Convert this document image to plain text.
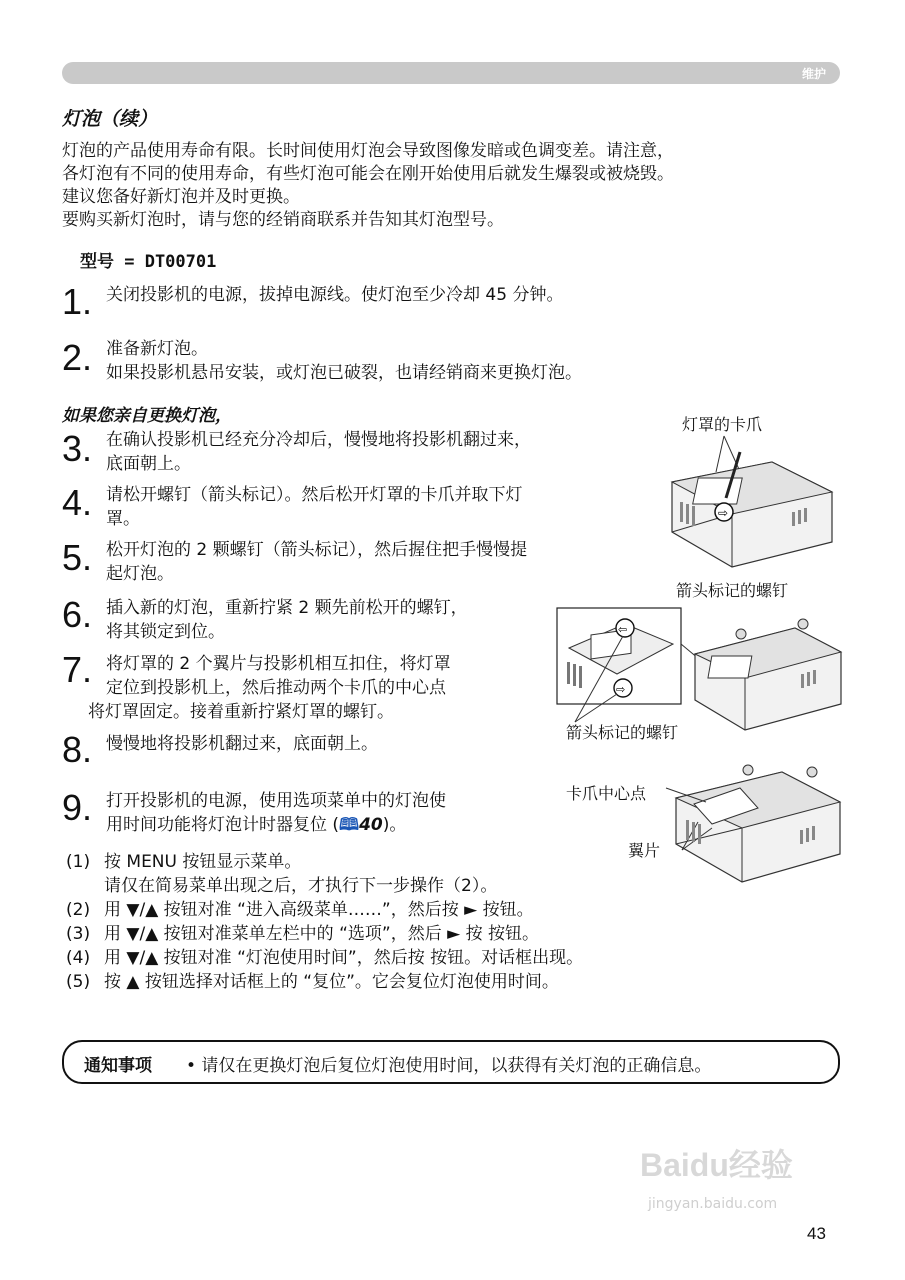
维护
灯泡（续）
灯泡的产品使用寿命有限。长时间使用灯泡会导致图像发暗或色调变差。请注意，
各灯泡有不同的使用寿命，有些灯泡可能会在刚开始使用后就发生爆裂或被烧毁。
建议您备好新灯泡并及时更换。
要购买新灯泡时，请与您的经销商联系并告知其灯泡型号。
型号 = DT00701
1. 关闭投影机的电源，拔掉电源线。使灯泡至少冷却 45 分钟。
2. 准备新灯泡。
如果投影机悬吊安装，或灯泡已破裂，也请经销商来更换灯泡。
如果您亲自更换灯泡，
3. 在确认投影机已经充分冷却后，慢慢地将投影机翻过来，
底面朝上。
4. 请松开螺钉（箭头标记）。然后松开灯罩的卡爪并取下灯
罩。
5. 松开灯泡的 2 颗螺钉（箭头标记），然后握住把手慢慢提
起灯泡。
6. 插入新的灯泡，重新拧紧 2 颗先前松开的螺钉，
将其锁定到位。
7. 将灯罩的 2 个翼片与投影机相互扣住，将灯罩
定位到投影机上，然后推动两个卡爪的中心点
将灯罩固定。接着重新拧紧灯罩的螺钉。
8. 慢慢地将投影机翻过来，底面朝上。
9. 打开投影机的电源，使用选项菜单中的灯泡使
用时间功能将灯泡计时器复位 (🕮40)。
(1) 按 MENU 按钮显示菜单。
请仅在简易菜单出现之后，才执行下一步操作（2）。
(2) 用 ▼/▲ 按钮对准 “进入高级菜单……”，然后按 ► 按钮。
(3) 用 ▼/▲ 按钮对准菜单左栏中的 “选项”，然后 ► 按 按钮。
(4) 用 ▼/▲ 按钮对准 “灯泡使用时间”，然后按 按钮。对话框出现。
(5) 按 ▲ 按钮选择对话框上的 “复位”。它会复位灯泡使用时间。
灯罩的卡爪
⇨
箭头标记的螺钉
⇦
⇨
箭头标记的螺钉
卡爪中心点
翼片
通知事项 • 请仅在更换灯泡后复位灯泡使用时间，以获得有关灯泡的正确信息。
Baidu经验
jingyan.baidu.com
43
